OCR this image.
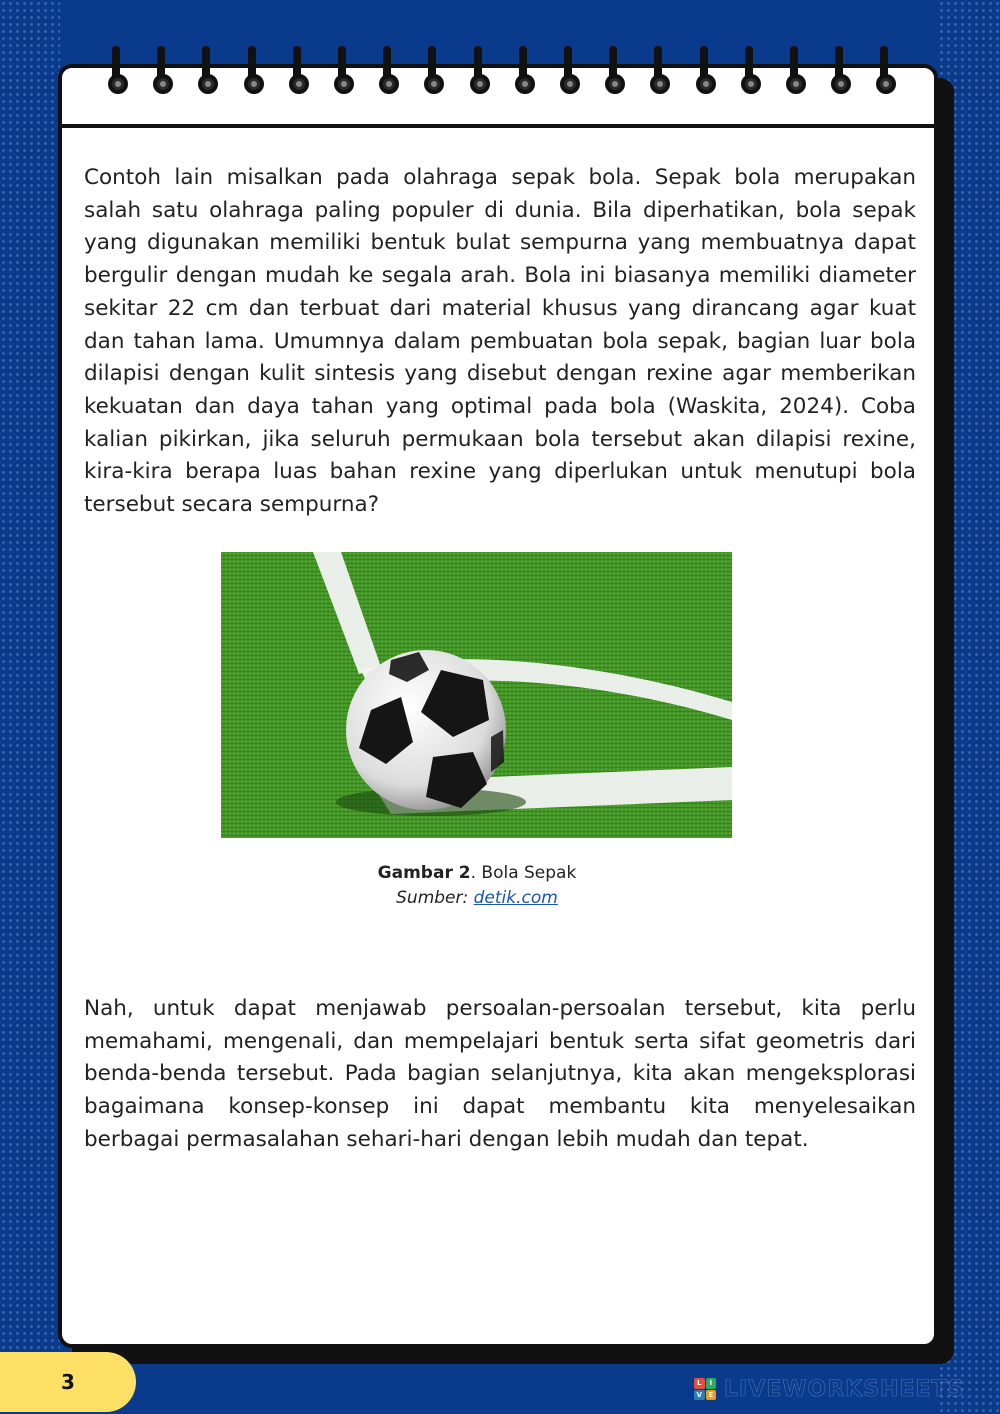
Contoh lain misalkan pada olahraga sepak bola. Sepak bola merupakan salah satu olahraga paling populer di dunia. Bila diperhatikan, bola sepak yang digunakan memiliki bentuk bulat sempurna yang membuatnya dapat bergulir dengan mudah ke segala arah. Bola ini biasanya memiliki diameter sekitar 22 cm dan terbuat dari material khusus yang dirancang agar kuat dan tahan lama. Umumnya dalam pembuatan bola sepak, bagian luar bola dilapisi dengan kulit sintesis yang disebut dengan rexine agar memberikan kekuatan dan daya tahan yang optimal pada bola (Waskita, 2024). Coba kalian pikirkan, jika seluruh permukaan bola tersebut akan dilapisi rexine, kira-kira berapa luas bahan rexine yang diperlukan untuk menutupi bola tersebut secara sempurna?

Gambar 2. Bola Sepak
Sumber: detik.com

Nah, untuk dapat menjawab persoalan-persoalan tersebut, kita perlu memahami, mengenali, dan mempelajari bentuk serta sifat geometris dari benda-benda tersebut. Pada bagian selanjutnya, kita akan mengeksplorasi bagaimana konsep-konsep ini dapat membantu kita menyelesaikan berbagai permasalahan sehari-hari dengan lebih mudah dan tepat.

3	L	I
V E LIVEWORKSHEETS
